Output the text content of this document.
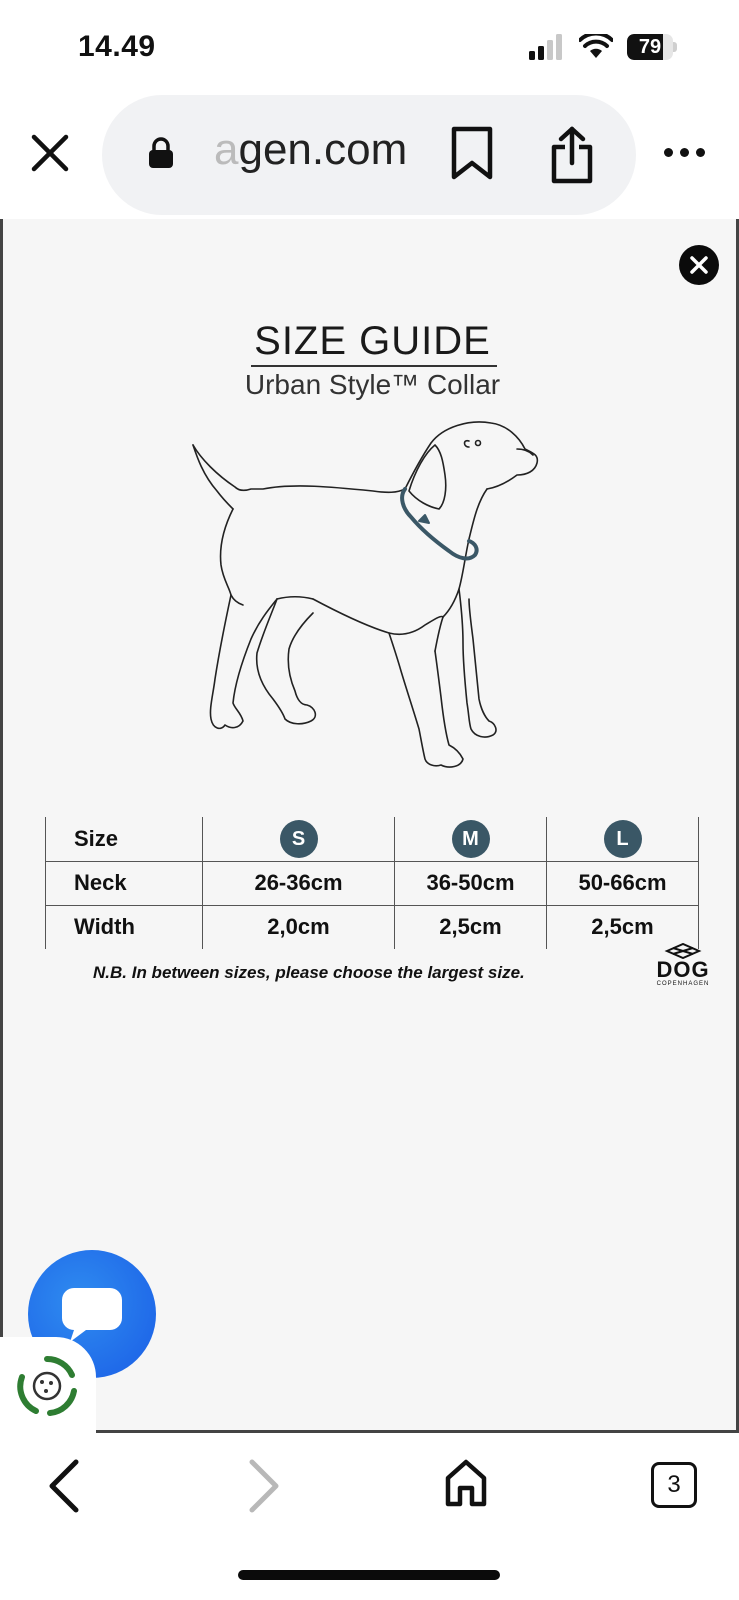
14.49	79
agen.com
SIZE GUIDE
Urban Style™ Collar
Size	S	M	L
Neck	26-36cm	36-50cm	50-66cm
Width	2,0cm	2,5cm	2,5cm
N.B. In between sizes, please choose the largest size.	DOG
COPENHAGEN
3
